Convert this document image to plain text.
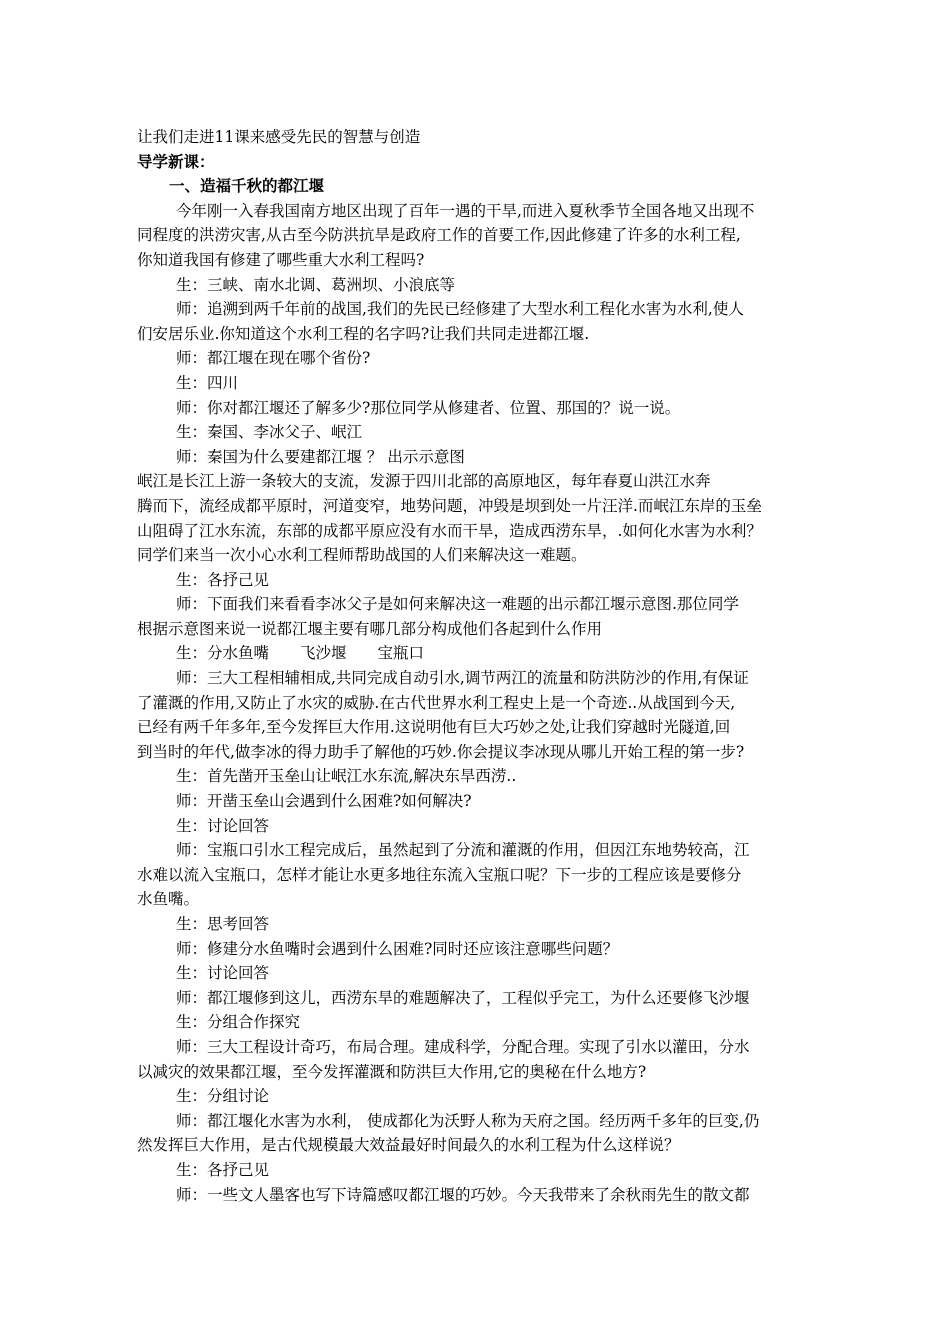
让我们走进11课来感受先民的智慧与创造
导学新课：
一、造福千秋的都江堰
今年刚一入春我国南方地区出现了百年一遇的干旱,而进入夏秋季节全国各地又出现不
同程度的洪涝灾害,从古至今防洪抗旱是政府工作的首要工作,因此修建了许多的水利工程,
你知道我国有修建了哪些重大水利工程吗?
生：三峡、南水北调、葛洲坝、小浪底等
师：追溯到两千年前的战国,我们的先民已经修建了大型水利工程化水害为水利,使人
们安居乐业.你知道这个水利工程的名字吗?让我们共同走进都江堰.
师：都江堰在现在哪个省份?
生：四川
师：你对都江堰还了解多少?那位同学从修建者、位置、那国的？说一说。
生：秦国、李冰父子、岷江
师：秦国为什么要建都江堰 ？ 出示示意图
岷江是长江上游一条较大的支流，发源于四川北部的高原地区，每年春夏山洪江水奔
腾而下，流经成都平原时，河道变窄，地势问题，冲毁是坝到处一片汪洋.而岷江东岸的玉垒
山阻碍了江水东流，东部的成都平原应没有水而干旱，造成西涝东旱，.如何化水害为水利？
同学们来当一次小心水利工程师帮助战国的人们来解决这一难题。
生：各抒己见
师：下面我们来看看李冰父子是如何来解决这一难题的出示都江堰示意图.那位同学
根据示意图来说一说都江堰主要有哪几部分构成他们各起到什么作用
生：分水鱼嘴　　飞沙堰　　宝瓶口
师：三大工程相辅相成,共同完成自动引水,调节两江的流量和防洪防沙的作用,有保证
了灌溉的作用,又防止了水灾的威胁.在古代世界水利工程史上是一个奇迹..从战国到今天,
已经有两千年多年,至今发挥巨大作用.这说明他有巨大巧妙之处,让我们穿越时光隧道,回
到当时的年代,做李冰的得力助手了解他的巧妙.你会提议李冰现从哪儿开始工程的第一步?
生：首先凿开玉垒山让岷江水东流,解决东旱西涝..
师：开凿玉垒山会遇到什么困难?如何解决?
生：讨论回答
师：宝瓶口引水工程完成后，虽然起到了分流和灌溉的作用，但因江东地势较高，江
水难以流入宝瓶口，怎样才能让水更多地往东流入宝瓶口呢？下一步的工程应该是要修分
水鱼嘴。
生：思考回答
师：修建分水鱼嘴时会遇到什么困难?同时还应该注意哪些问题？
生：讨论回答
师：都江堰修到这儿，西涝东旱的难题解决了，工程似乎完工，为什么还要修飞沙堰
生：分组合作探究
师：三大工程设计奇巧，布局合理。建成科学，分配合理。实现了引水以灌田，分水
以减灾的效果都江堰，至今发挥灌溉和防洪巨大作用,它的奥秘在什么地方?
生：分组讨论
师：都江堰化水害为水利， 使成都化为沃野人称为天府之国。经历两千多年的巨变,仍
然发挥巨大作用，是古代规模最大效益最好时间最久的水利工程为什么这样说？
生：各抒己见
师：一些文人墨客也写下诗篇感叹都江堰的巧妙。今天我带来了余秋雨先生的散文都
